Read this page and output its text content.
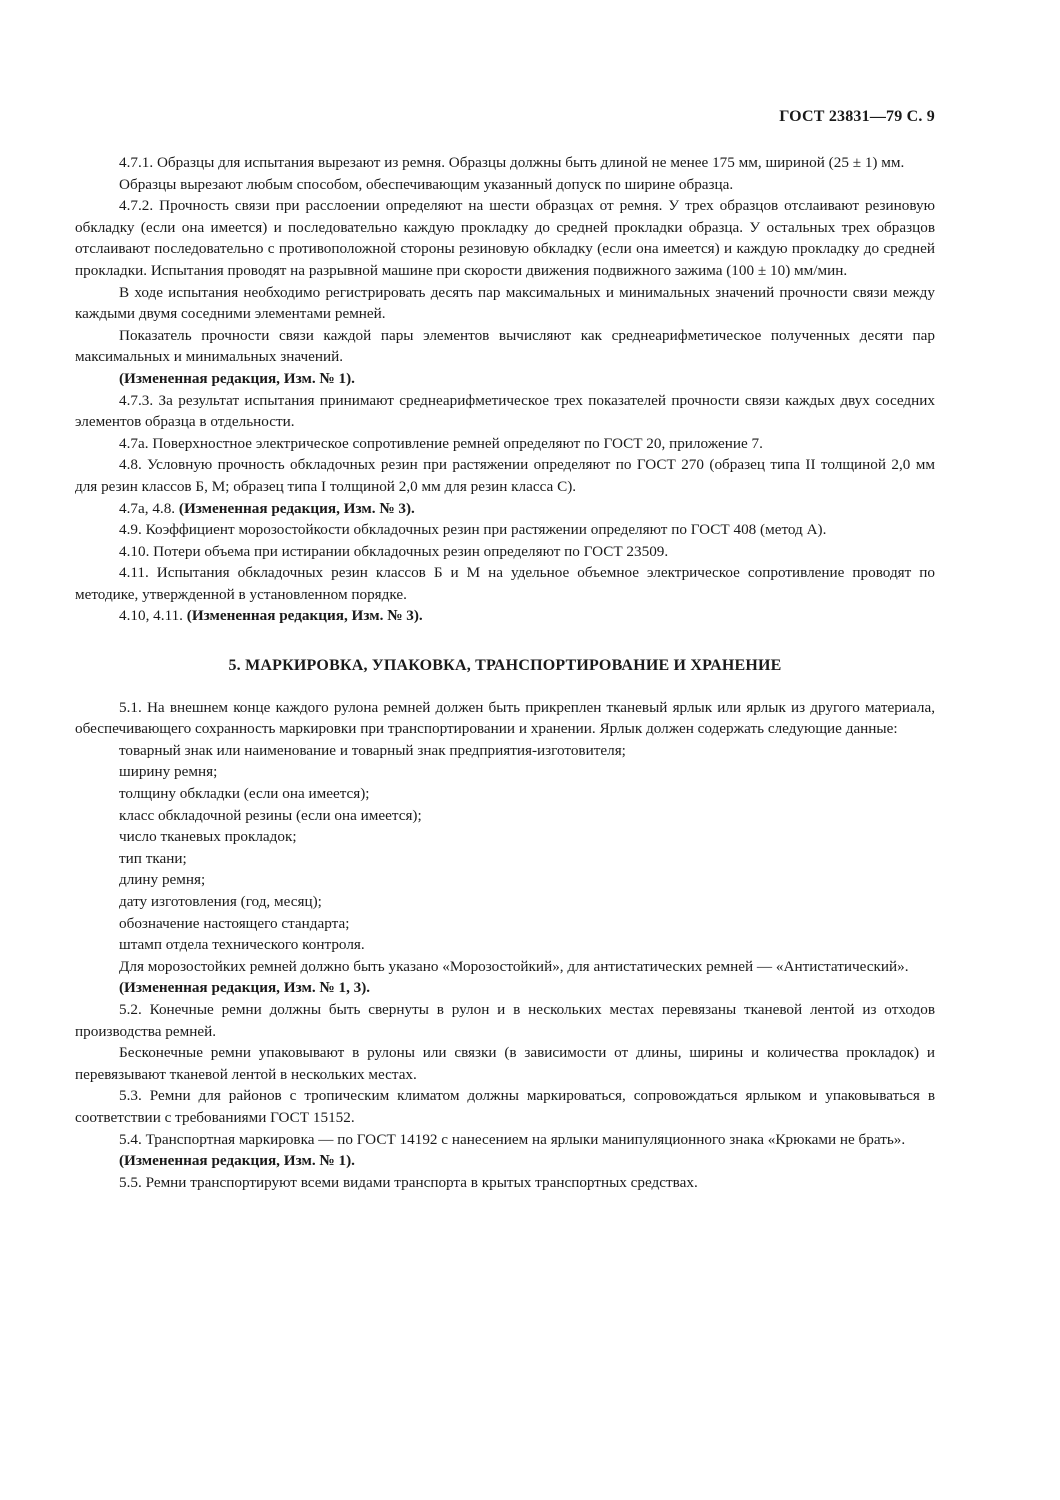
ГОСТ 23831—79 С. 9

4.7.1. Образцы для испытания вырезают из ремня. Образцы должны быть длиной не менее 175 мм, шириной (25 ± 1) мм.

Образцы вырезают любым способом, обеспечивающим указанный допуск по ширине образца.

4.7.2. Прочность связи при расслоении определяют на шести образцах от ремня. У трех образцов отслаивают резиновую обкладку (если она имеется) и последовательно каждую прокладку до средней прокладки образца. У остальных трех образцов отслаивают последовательно с противоположной стороны резиновую обкладку (если она имеется) и каждую прокладку до средней прокладки. Испытания проводят на разрывной машине при скорости движения подвижного зажима (100 ± 10) мм/мин.

В ходе испытания необходимо регистрировать десять пар максимальных и минимальных значений прочности связи между каждыми двумя соседними элементами ремней.

Показатель прочности связи каждой пары элементов вычисляют как среднеарифметическое полученных десяти пар максимальных и минимальных значений.

(Измененная редакция, Изм. № 1).

4.7.3. За результат испытания принимают среднеарифметическое трех показателей прочности связи каждых двух соседних элементов образца в отдельности.

4.7а. Поверхностное электрическое сопротивление ремней определяют по ГОСТ 20, приложение 7.

4.8. Условную прочность обкладочных резин при растяжении определяют по ГОСТ 270 (образец типа II толщиной 2,0 мм для резин классов Б, М; образец типа I толщиной 2,0 мм для резин класса С).

4.7а, 4.8. (Измененная редакция, Изм. № 3).

4.9. Коэффициент морозостойкости обкладочных резин при растяжении определяют по ГОСТ 408 (метод А).

4.10. Потери объема при истирании обкладочных резин определяют по ГОСТ 23509.

4.11. Испытания обкладочных резин классов Б и М на удельное объемное электрическое сопротивление проводят по методике, утвержденной в установленном порядке.

4.10, 4.11. (Измененная редакция, Изм. № 3).

5. МАРКИРОВКА, УПАКОВКА, ТРАНСПОРТИРОВАНИЕ И ХРАНЕНИЕ

5.1. На внешнем конце каждого рулона ремней должен быть прикреплен тканевый ярлык или ярлык из другого материала, обеспечивающего сохранность маркировки при транспортировании и хранении. Ярлык должен содержать следующие данные:

товарный знак или наименование и товарный знак предприятия-изготовителя;

ширину ремня;

толщину обкладки (если она имеется);

класс обкладочной резины (если она имеется);

число тканевых прокладок;

тип ткани;

длину ремня;

дату изготовления (год, месяц);

обозначение настоящего стандарта;

штамп отдела технического контроля.

Для морозостойких ремней должно быть указано «Морозостойкий», для антистатических ремней — «Антистатический».

(Измененная редакция, Изм. № 1, 3).

5.2. Конечные ремни должны быть свернуты в рулон и в нескольких местах перевязаны тканевой лентой из отходов производства ремней.

Бесконечные ремни упаковывают в рулоны или связки (в зависимости от длины, ширины и количества прокладок) и перевязывают тканевой лентой в нескольких местах.

5.3. Ремни для районов с тропическим климатом должны маркироваться, сопровождаться ярлыком и упаковываться в соответствии с требованиями ГОСТ 15152.

5.4. Транспортная маркировка — по ГОСТ 14192 с нанесением на ярлыки манипуляционного знака «Крюками не брать».

(Измененная редакция, Изм. № 1).

5.5. Ремни транспортируют всеми видами транспорта в крытых транспортных средствах.
